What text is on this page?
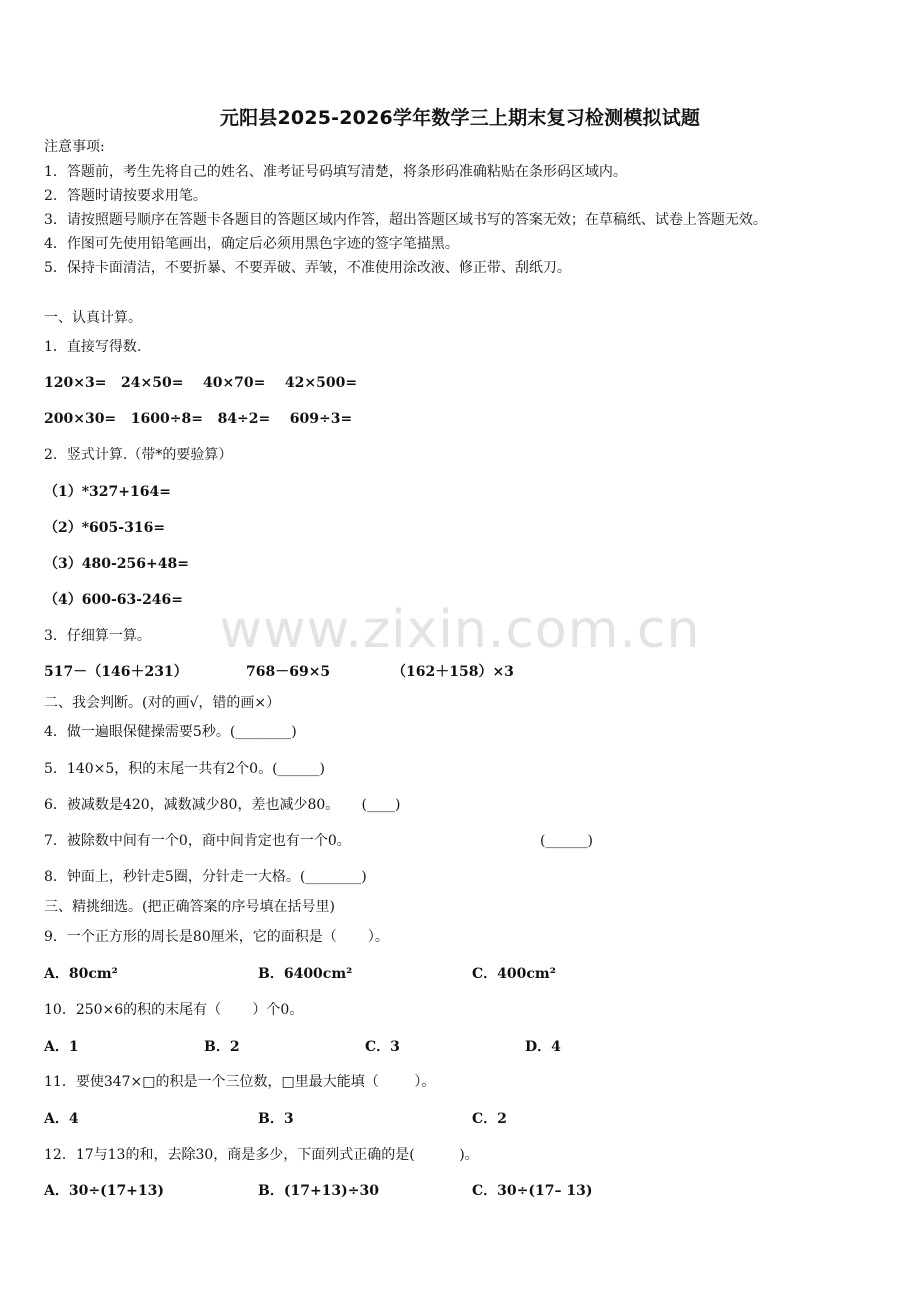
元阳县2025-2026学年数学三上期末复习检测模拟试题
注意事项:
1．答题前，考生先将自己的姓名、准考证号码填写清楚，将条形码准确粘贴在条形码区域内。
2．答题时请按要求用笔。
3．请按照题号顺序在答题卡各题目的答题区域内作答，超出答题区域书写的答案无效；在草稿纸、试卷上答题无效。
4．作图可先使用铅笔画出，确定后必须用黑色字迹的签字笔描黑。
5．保持卡面清洁，不要折暴、不要弄破、弄皱，不准使用涂改液、修正带、刮纸刀。
一、认真计算。
1．直接写得数.
120×3=   24×50=    40×70=    42×500=
200×30=   1600÷8=   84÷2=    609÷3=
2．竖式计算.（带*的要验算）
（1）*327+164=
（2）*605-316=
（3）480-256+48=
（4）600-63-246=
3．仔细算一算。
517－（146＋231）	768－69×5	（162＋158）×3
二、我会判断。(对的画√，错的画×）
4．做一遍眼保健操需要5秒。(________)
5．140×5，积的末尾一共有2个0。(______)
6．被减数是420，减数减少80，差也减少80。     (____)
7．被除数中间有一个0，商中间肯定也有一个0。	(______)
8．钟面上，秒针走5圈，分针走一大格。(________)
三、精挑细选。(把正确答案的序号填在括号里)
9．一个正方形的周长是80厘米，它的面积是（       ）。
A．80cm²	B．6400cm²	C．400cm²
10．250×6的积的末尾有（       ）个0。
A．1	B．2	C．3	D．4
11．要使347×□的积是一个三位数，□里最大能填（        ）。
A．4	B．3	C．2
12．17与13的和，去除30，商是多少，下面列式正确的是(          )。
A．30÷(17+13)	B．(17+13)÷30	C．30÷(17– 13)
www.zixin.com.cn
